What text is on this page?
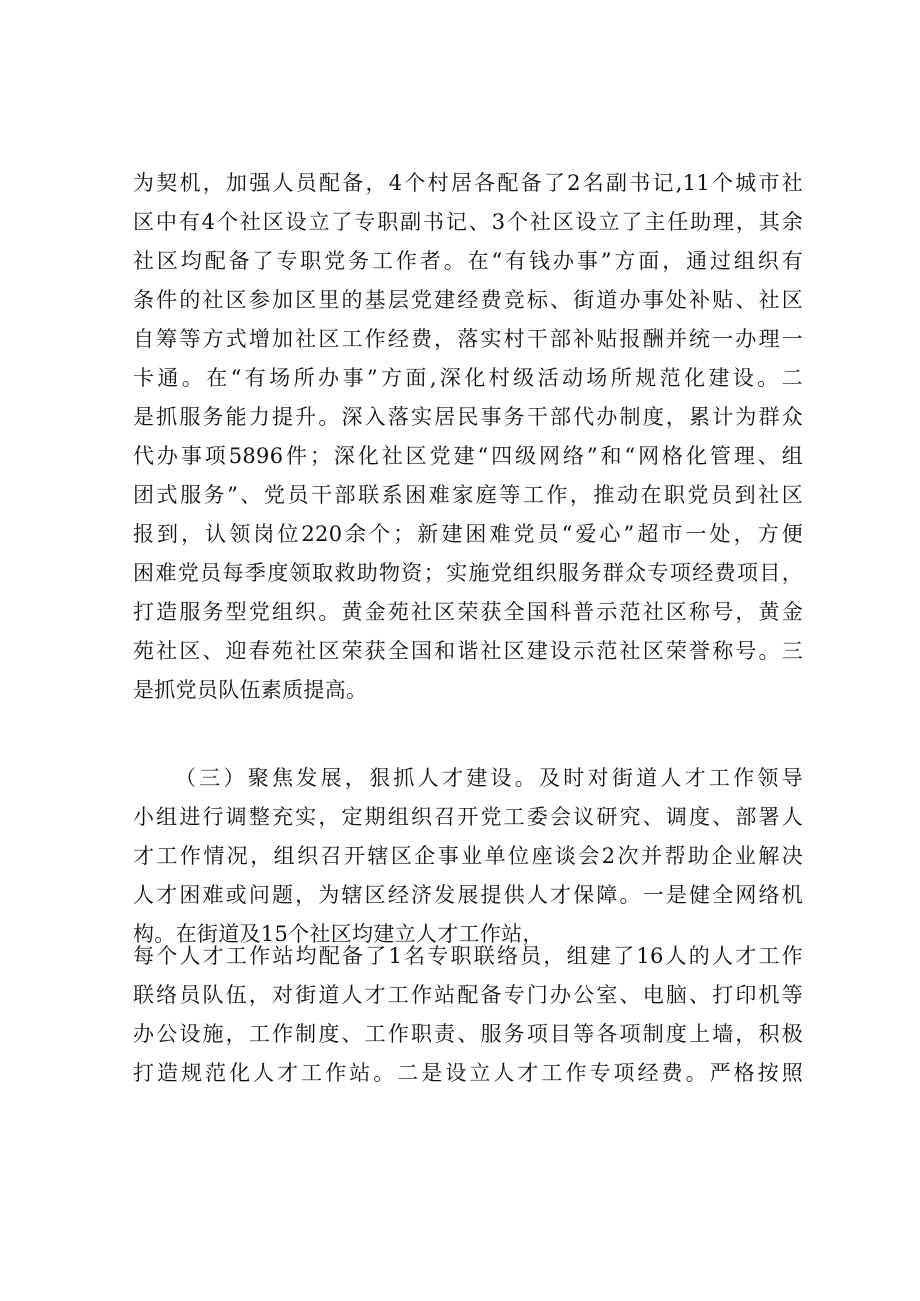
为契机，加强人员配备，4个村居各配备了2名副书记,11个城市社
区中有4个社区设立了专职副书记、3个社区设立了主任助理，其余
社区均配备了专职党务工作者。在“有钱办事”方面，通过组织有
条件的社区参加区里的基层党建经费竞标、街道办事处补贴、社区
自筹等方式增加社区工作经费，落实村干部补贴报酬并统一办理一
卡通。在“有场所办事”方面,深化村级活动场所规范化建设。二
是抓服务能力提升。深入落实居民事务干部代办制度，累计为群众
代办事项5896件；深化社区党建“四级网络”和“网格化管理、组
团式服务”、党员干部联系困难家庭等工作，推动在职党员到社区
报到，认领岗位220余个；新建困难党员“爱心”超市一处，方便
困难党员每季度领取救助物资；实施党组织服务群众专项经费项目，
打造服务型党组织。黄金苑社区荣获全国科普示范社区称号，黄金
苑社区、迎春苑社区荣获全国和谐社区建设示范社区荣誉称号。三
是抓党员队伍素质提高。
（三）聚焦发展，狠抓人才建设。及时对街道人才工作领导
小组进行调整充实，定期组织召开党工委会议研究、调度、部署人
才工作情况，组织召开辖区企事业单位座谈会2次并帮助企业解决
人才困难或问题，为辖区经济发展提供人才保障。一是健全网络机
构。在街道及15个社区均建立人才工作站，
每个人才工作站均配备了1名专职联络员，组建了16人的人才工作
联络员队伍，对街道人才工作站配备专门办公室、电脑、打印机等
办公设施，工作制度、工作职责、服务项目等各项制度上墙，积极
打造规范化人才工作站。二是设立人才工作专项经费。严格按照
